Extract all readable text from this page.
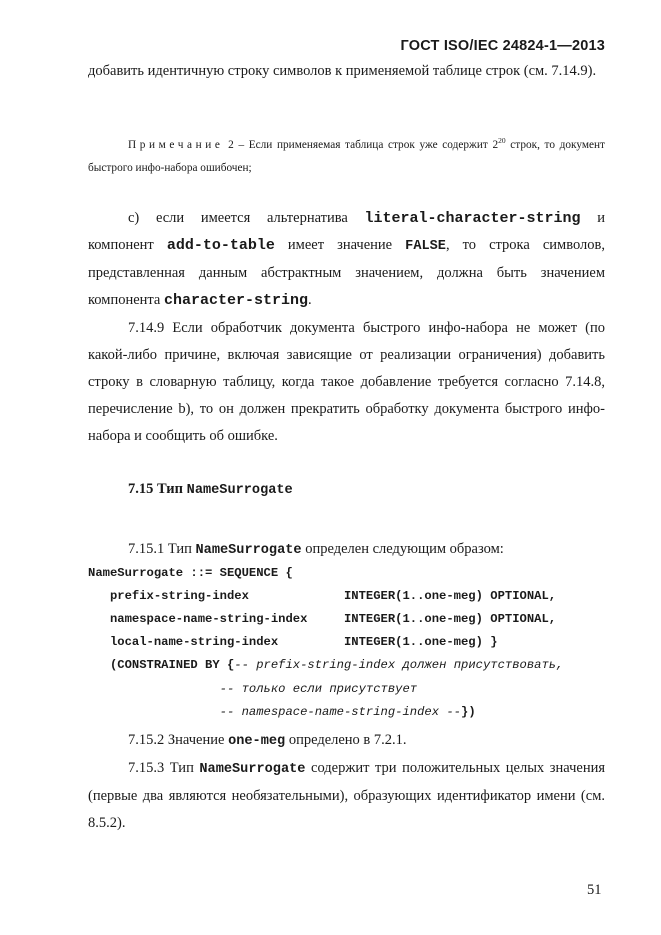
ГОСТ ISO/IEC 24824-1—2013
добавить идентичную строку символов к применяемой таблице строк (см. 7.14.9).
Примечание 2 – Если применяемая таблица строк уже содержит $2^{20}$ строк, то документ быстрого инфо-набора ошибочен;
c) если имеется альтернатива literal-character-string и компонент add-to-table имеет значение FALSE, то строка символов, представленная данным абстрактным значением, должна быть значением компонента character-string.
7.14.9 Если обработчик документа быстрого инфо-набора не может (по какой-либо причине, включая зависящие от реализации ограничения) добавить строку в словарную таблицу, когда такое добавление требуется согласно 7.14.8, перечисление b), то он должен прекратить обработку документа быстрого инфо-набора и сообщить об ошибке.
7.15 Тип NameSurrogate
7.15.1 Тип NameSurrogate определен следующим образом:
NameSurrogate ::= SEQUENCE {
prefix-string-index             INTEGER(1..one-meg) OPTIONAL,
namespace-name-string-index     INTEGER(1..one-meg) OPTIONAL,
local-name-string-index         INTEGER(1..one-meg) }
(CONSTRAINED BY {-- prefix-string-index должен присутствовать,
-- только если присутствует
-- namespace-name-string-index --})
7.15.2 Значение one-meg определено в 7.2.1.
7.15.3 Тип NameSurrogate содержит три положительных целых значения (первые два являются необязательными), образующих идентификатор имени (см. 8.5.2).
51
